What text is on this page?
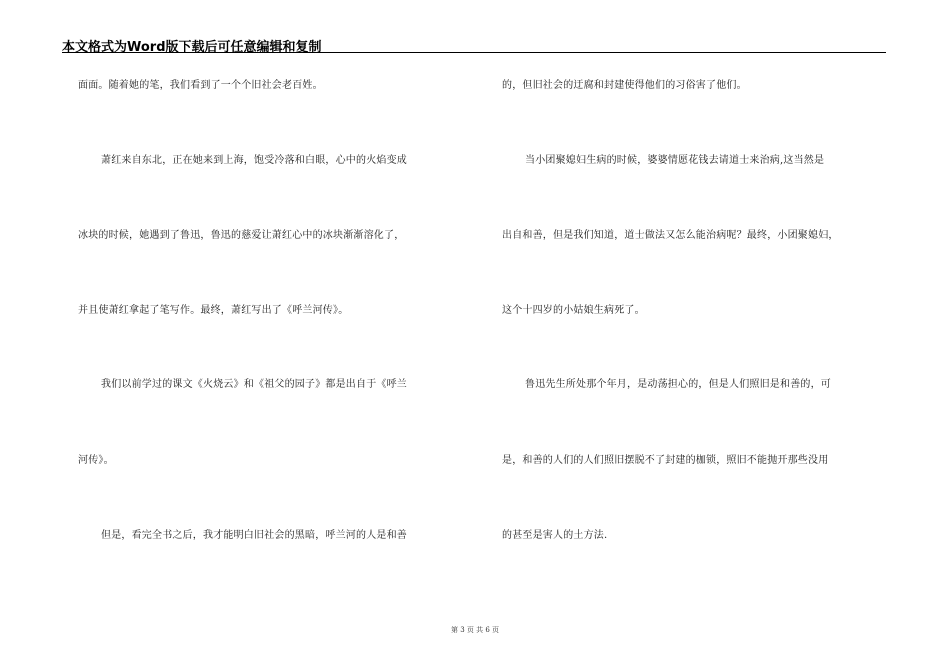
本文格式为Word版下载后可任意编辑和复制
面面。随着她的笔，我们看到了一个个旧社会老百姓。
萧红来自东北，正在她来到上海，饱受冷落和白眼，心中的火焰变成
冰块的时候，她遇到了鲁迅，鲁迅的慈爱让萧红心中的冰块渐渐溶化了，
并且使萧红拿起了笔写作。最终，萧红写出了《呼兰河传》。
我们以前学过的课文《火烧云》和《祖父的园子》都是出自于《呼兰
河传》。
但是，看完全书之后，我才能明白旧社会的黑暗，呼兰河的人是和善
的，但旧社会的迂腐和封建使得他们的习俗害了他们。
当小团聚媳妇生病的时候，婆婆情愿花钱去请道士来治病,这当然是
出自和善，但是我们知道，道士做法又怎么能治病呢？最终，小团聚媳妇，
这个十四岁的小姑娘生病死了。
鲁迅先生所处那个年月，是动荡担心的，但是人们照旧是和善的，可
是，和善的人们的人们照旧摆脱不了封建的枷锁，照旧不能抛开那些没用
的甚至是害人的土方法.
第 3 页 共 6 页
